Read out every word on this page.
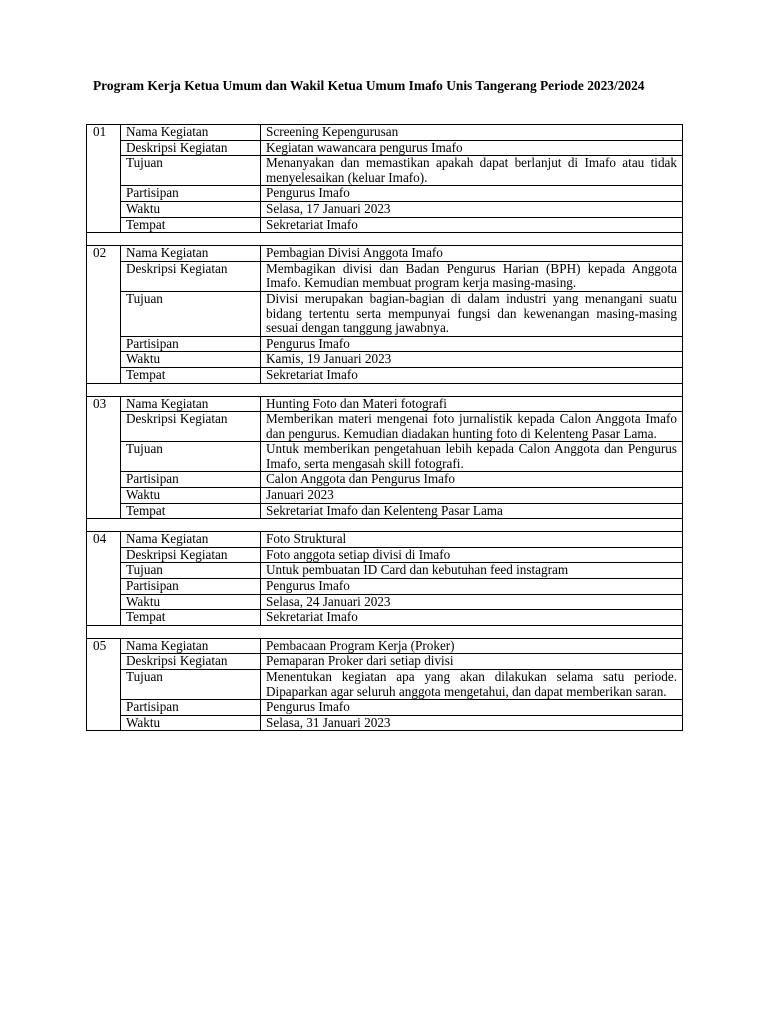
Program Kerja Ketua Umum dan Wakil Ketua Umum Imafo Unis Tangerang Periode 2023/2024
01	Nama Kegiatan	Screening Kepengurusan
	Deskripsi Kegiatan	Kegiatan wawancara pengurus Imafo
	Tujuan	Menanyakan dan memastikan apakah dapat berlanjut di Imafo atau tidak menyelesaikan (keluar Imafo).
	Partisipan	Pengurus Imafo
	Waktu	Selasa, 17 Januari 2023
	Tempat	Sekretariat Imafo

02	Nama Kegiatan	Pembagian Divisi Anggota Imafo
	Deskripsi Kegiatan	Membagikan divisi dan Badan Pengurus Harian (BPH) kepada Anggota Imafo. Kemudian membuat program kerja masing-masing.
	Tujuan	Divisi merupakan bagian-bagian di dalam industri yang menangani suatu bidang tertentu serta mempunyai fungsi dan kewenangan masing-masing sesuai dengan tanggung jawabnya.
	Partisipan	Pengurus Imafo
	Waktu	Kamis, 19 Januari 2023
	Tempat	Sekretariat Imafo

03	Nama Kegiatan	Hunting Foto dan Materi fotografi
	Deskripsi Kegiatan	Memberikan materi mengenai foto jurnalistik kepada Calon Anggota Imafo dan pengurus. Kemudian diadakan hunting foto di Kelenteng Pasar Lama.
	Tujuan	Untuk memberikan pengetahuan lebih kepada Calon Anggota dan Pengurus Imafo, serta mengasah skill fotografi.
	Partisipan	Calon Anggota dan Pengurus Imafo
	Waktu	Januari 2023
	Tempat	Sekretariat Imafo dan Kelenteng Pasar Lama

04	Nama Kegiatan	Foto Struktural
	Deskripsi Kegiatan	Foto anggota setiap divisi di Imafo
	Tujuan	Untuk pembuatan ID Card dan kebutuhan feed instagram
	Partisipan	Pengurus Imafo
	Waktu	Selasa, 24 Januari 2023
	Tempat	Sekretariat Imafo

05	Nama Kegiatan	Pembacaan Program Kerja (Proker)
	Deskripsi Kegiatan	Pemaparan Proker dari setiap divisi
	Tujuan	Menentukan kegiatan apa yang akan dilakukan selama satu periode. Dipaparkan agar seluruh anggota mengetahui, dan dapat memberikan saran.
	Partisipan	Pengurus Imafo
	Waktu	Selasa, 31 Januari 2023
